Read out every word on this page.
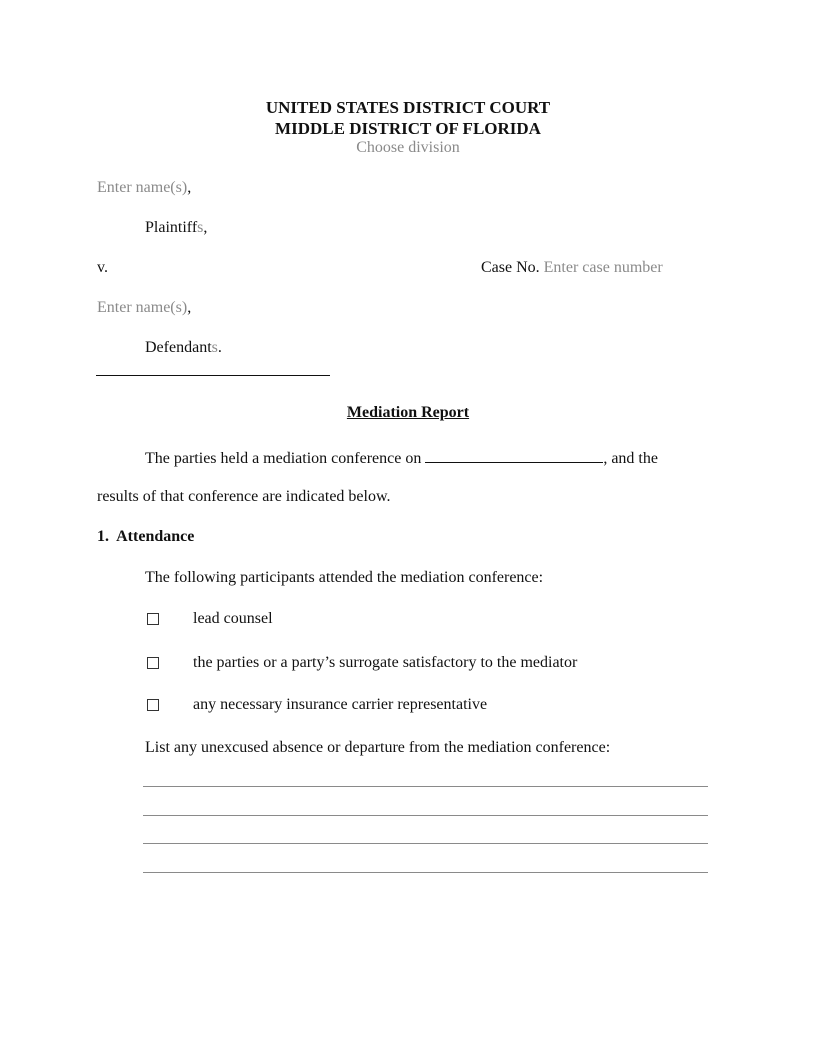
UNITED STATES DISTRICT COURT
MIDDLE DISTRICT OF FLORIDA
Choose division
Enter name(s),
Plaintiffs,
v.	Case No. Enter case number
Enter name(s),
Defendants.
Mediation Report
The parties held a mediation conference on	, and the
results of that conference are indicated below.
1. Attendance
The following participants attended the mediation conference:
lead counsel
the parties or a party’s surrogate satisfactory to the mediator
any necessary insurance carrier representative
List any unexcused absence or departure from the mediation conference:
